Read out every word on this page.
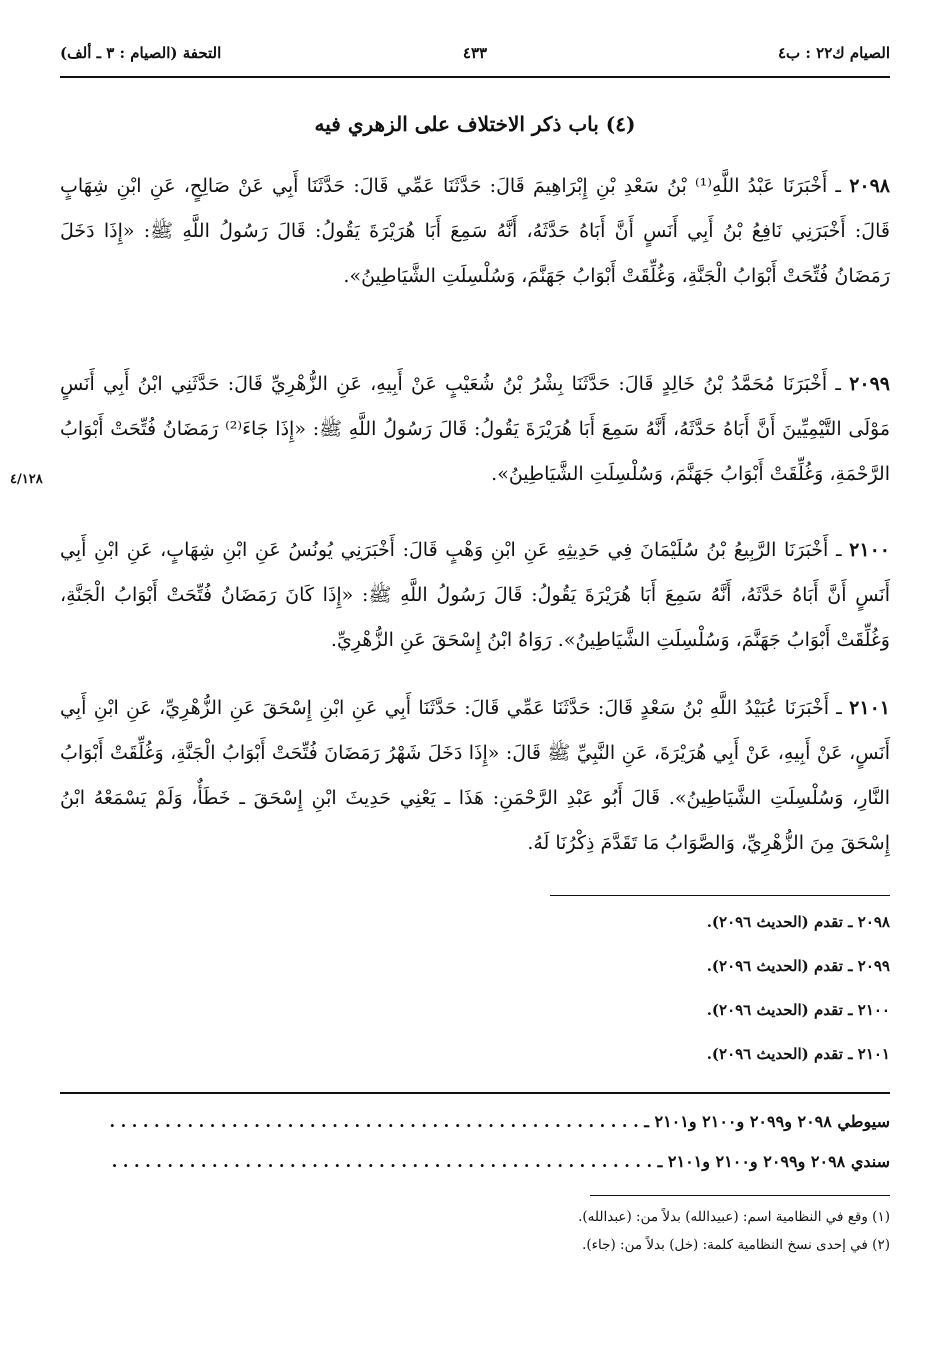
الصيام ك٢٢ : ب٤
٤٣٣
التحفة (الصيام : ٣ ـ ألف)
(٤) باب ذكر الاختلاف على الزهري فيه
٢٠٩٨ ـ أَخْبَرَنَا عَبْدُ اللَّهِ⁽¹⁾ بْنُ سَعْدِ بْنِ إِبْرَاهِيمَ قَالَ: حَدَّثَنَا عَمِّي قَالَ: حَدَّثَنَا أَبِي عَنْ صَالِحٍ، عَنِ ابْنِ شِهَابٍ قَالَ: أَخْبَرَنِي نَافِعُ بْنُ أَبِي أَنَسٍ أَنَّ أَبَاهُ حَدَّثَهُ، أَنَّهُ سَمِعَ أَبَا هُرَيْرَةَ يَقُولُ: قَالَ رَسُولُ اللَّهِ ﷺ: «إِذَا دَخَلَ رَمَضَانُ فُتِّحَتْ أَبْوَابُ الْجَنَّةِ، وَغُلِّقَتْ أَبْوَابُ جَهَنَّمَ، وَسُلْسِلَتِ الشَّيَاطِينُ».
٢٠٩٩ ـ أَخْبَرَنَا مُحَمَّدُ بْنُ خَالِدٍ قَالَ: حَدَّثَنَا بِشْرُ بْنُ شُعَيْبٍ عَنْ أَبِيهِ، عَنِ الزُّهْرِيِّ قَالَ: حَدَّثَنِي ابْنُ أَبِي أَنَسٍ مَوْلَى التَّيْمِيِّينَ أَنَّ أَبَاهُ حَدَّثَهُ، أَنَّهُ سَمِعَ أَبَا هُرَيْرَةَ يَقُولُ: قَالَ رَسُولُ اللَّهِ ﷺ: «إِذَا جَاءَ⁽²⁾ رَمَضَانُ فُتِّحَتْ أَبْوَابُ الرَّحْمَةِ، وَغُلِّقَتْ أَبْوَابُ جَهَنَّمَ، وَسُلْسِلَتِ الشَّيَاطِينُ».
٤/١٢٨
٢١٠٠ ـ أَخْبَرَنَا الرَّبِيعُ بْنُ سُلَيْمَانَ فِي حَدِيثِهِ عَنِ ابْنِ وَهْبٍ قَالَ: أَخْبَرَنِي يُونُسُ عَنِ ابْنِ شِهَابٍ، عَنِ ابْنِ أَبِي أَنَسٍ أَنَّ أَبَاهُ حَدَّثَهُ، أَنَّهُ سَمِعَ أَبَا هُرَيْرَةَ يَقُولُ: قَالَ رَسُولُ اللَّهِ ﷺ: «إِذَا كَانَ رَمَضَانُ فُتِّحَتْ أَبْوَابُ الْجَنَّةِ، وَغُلِّقَتْ أَبْوَابُ جَهَنَّمَ، وَسُلْسِلَتِ الشَّيَاطِينُ». رَوَاهُ ابْنُ إِسْحَقَ عَنِ الزُّهْرِيِّ.
٢١٠١ ـ أَخْبَرَنَا عُبَيْدُ اللَّهِ بْنُ سَعْدٍ قَالَ: حَدَّثَنَا عَمِّي قَالَ: حَدَّثَنَا أَبِي عَنِ ابْنِ إِسْحَقَ عَنِ الزُّهْرِيِّ، عَنِ ابْنِ أَبِي أَنَسٍ، عَنْ أَبِيهِ، عَنْ أَبِي هُرَيْرَةَ، عَنِ النَّبِيِّ ﷺ قَالَ: «إِذَا دَخَلَ شَهْرُ رَمَضَانَ فُتِّحَتْ أَبْوَابُ الْجَنَّةِ، وَغُلِّقَتْ أَبْوَابُ النَّارِ، وَسُلْسِلَتِ الشَّيَاطِينُ». قَالَ أَبُو عَبْدِ الرَّحْمَنِ: هَذَا ـ يَعْنِي حَدِيثَ ابْنِ إِسْحَقَ ـ خَطَأٌ، وَلَمْ يَسْمَعْهُ ابْنُ إِسْحَقَ مِنَ الزُّهْرِيِّ، وَالصَّوَابُ مَا تَقَدَّمَ ذِكْرُنَا لَهُ.
٢٠٩٨ ـ تقدم (الحديث ٢٠٩٦).
٢٠٩٩ ـ تقدم (الحديث ٢٠٩٦).
٢١٠٠ ـ تقدم (الحديث ٢٠٩٦).
٢١٠١ ـ تقدم (الحديث ٢٠٩٦).
سيوطي ٢٠٩٨ و٢٠٩٩ و٢١٠٠ و٢١٠١ ـ . . . . . . . . . . . . . . . . . . . . . . . . . . . . . . . . . . . . . . . . . . . . . . . .
سندي ٢٠٩٨ و٢٠٩٩ و٢١٠٠ و٢١٠١ ـ . . . . . . . . . . . . . . . . . . . . . . . . . . . . . . . . . . . . . . . . . . . . . . . . .
(١) وقع في النظامية اسم: (عبيدالله) بدلاً من: (عبدالله).
(٢) في إحدى نسخ النظامية كلمة: (خل) بدلاً من: (جاء).
